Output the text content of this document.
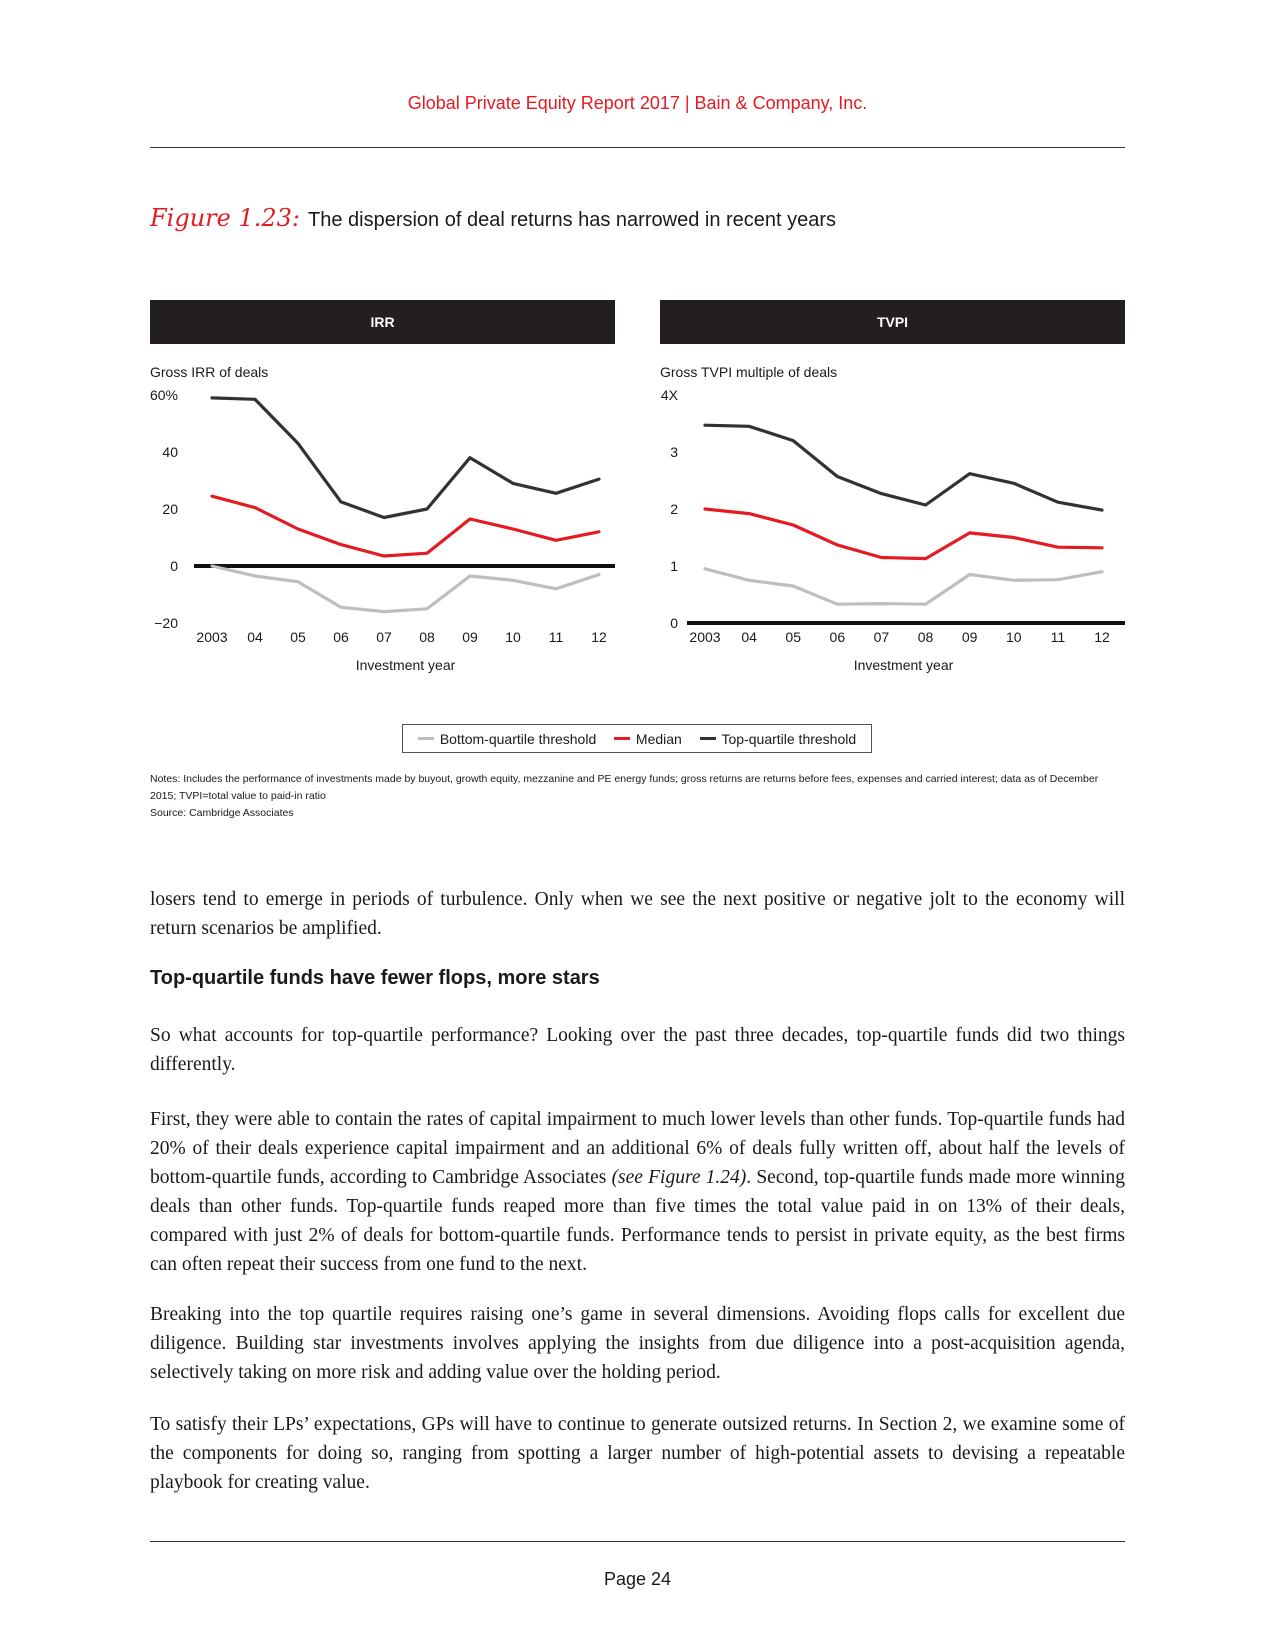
Global Private Equity Report 2017 | Bain & Company, Inc.
Figure 1.23: The dispersion of deal returns has narrowed in recent years
IRR	TVPI
Gross IRR of deals	Gross TVPI multiple of deals
60%
40
20
0
−20
2003 04 05 06 07 08 09 10 11 12
Investment year
4X
3
2
1
0
2003 04 05 06 07 08 09 10 11 12
Investment year
Bottom-quartile threshold	Median	Top-quartile threshold
Notes: Includes the performance of investments made by buyout, growth equity, mezzanine and PE energy funds; gross returns are returns before fees, expenses and carried interest; data as of December 2015; TVPI=total value to paid-in ratio
Source: Cambridge Associates

losers tend to emerge in periods of turbulence. Only when we see the next positive or negative jolt to the economy will return scenarios be amplified.

Top-quartile funds have fewer flops, more stars

So what accounts for top-quartile performance? Looking over the past three decades, top-quartile funds did two things differently.

First, they were able to contain the rates of capital impairment to much lower levels than other funds. Top-quartile funds had 20% of their deals experience capital impairment and an additional 6% of deals fully written off, about half the levels of bottom-quartile funds, according to Cambridge Associates (see Figure 1.24). Second, top-quartile funds made more winning deals than other funds. Top-quartile funds reaped more than five times the total value paid in on 13% of their deals, compared with just 2% of deals for bottom-quartile funds. Performance tends to persist in private equity, as the best firms can often repeat their success from one fund to the next.

Breaking into the top quartile requires raising one’s game in several dimensions. Avoiding flops calls for excellent due diligence. Building star investments involves applying the insights from due diligence into a post-acquisition agenda, selectively taking on more risk and adding value over the holding period.

To satisfy their LPs’ expectations, GPs will have to continue to generate outsized returns. In Section 2, we examine some of the components for doing so, ranging from spotting a larger number of high-potential assets to devising a repeatable playbook for creating value.

Page 24
